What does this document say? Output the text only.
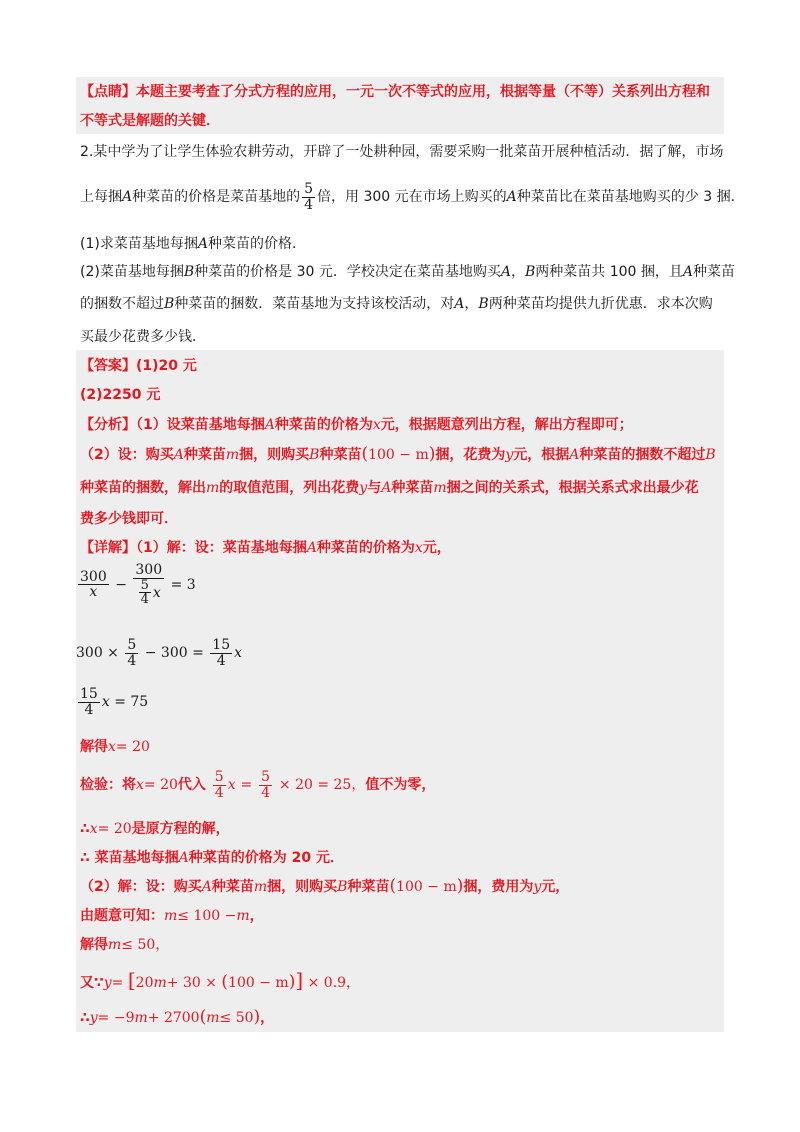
【点睛】本题主要考查了分式方程的应用，一元一次不等式的应用，根据等量（不等）关系列出方程和
不等式是解题的关键．
2.某中学为了让学生体验农耕劳动，开辟了一处耕种园，需要采购一批菜苗开展种植活动．据了解，市场
上每捆A种菜苗的价格是菜苗基地的 $\frac{5}{4}$ 倍，用 300 元在市场上购买的A种菜苗比在菜苗基地购买的少 3 捆．
(1)求菜苗基地每捆A种菜苗的价格．
(2)菜苗基地每捆B种菜苗的价格是 30 元．学校决定在菜苗基地购买A，B两种菜苗共 100 捆，且A种菜苗
的捆数不超过B种菜苗的捆数．菜苗基地为支持该校活动，对A，B两种菜苗均提供九折优惠．求本次购
买最少花费多少钱．
【答案】(1)20 元
(2)2250 元
【分析】（1）设菜苗基地每捆A种菜苗的价格为x元，根据题意列出方程，解出方程即可；
（2）设：购买A种菜苗m捆，则购买B种菜苗(100 − m)捆，花费为y元，根据A种菜苗的捆数不超过B
种菜苗的捆数，解出m的取值范围，列出花费y与A种菜苗m捆之间的关系式，根据关系式求出最少花
费多少钱即可．
【详解】（1）解：设：菜苗基地每捆A种菜苗的价格为x元，
$\frac{300}{x} - \frac{300}{\frac{5}{4} x} = 3$
$300 \times \frac{5}{4} - 300 = \frac{15}{4}$ x
$\frac{15}{4}$ x = 75
解得x= 20
检验：将x= 20代入 $\frac{5}{4}$ $x = \frac{5}{4} \times 20 = 25$，值不为零，
∴x= 20是原方程的解，
∴ 菜苗基地每捆A种菜苗的价格为 20 元．
（2）解：设：购买A种菜苗m捆，则购买B种菜苗(100 − m)捆，费用为y元，
由题意可知：m≤ 100 −m，
解得m≤ 50，
又∵y= [20m+ 30 × (100 − m)] × 0.9，
∴y= −9m+ 2700(m≤ 50)，
